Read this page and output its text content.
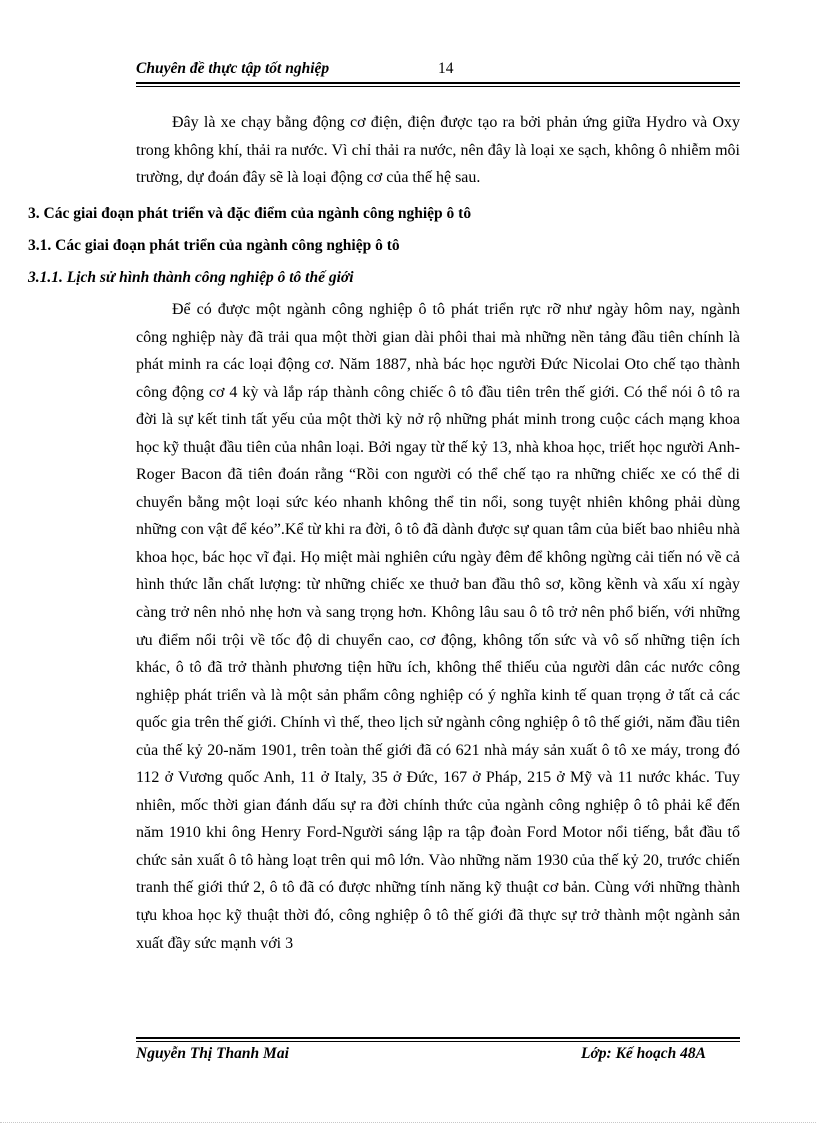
Chuyên đề thực tập tốt nghiệp	14

Đây là xe chạy bằng động cơ điện, điện được tạo ra bởi phản ứng giữa Hydro và Oxy trong không khí, thải ra nước. Vì chỉ thải ra nước, nên đây là loại xe sạch, không ô nhiễm môi trường, dự đoán đây sẽ là loại động cơ của thế hệ sau.

3. Các giai đoạn phát triển và đặc điểm của ngành công nghiệp ô tô
3.1. Các giai đoạn phát triển của ngành công nghiệp ô tô
3.1.1. Lịch sử hình thành công nghiệp ô tô thế giới

Để có được một ngành công nghiệp ô tô phát triển rực rỡ như ngày hôm nay, ngành công nghiệp này đã trải qua một thời gian dài phôi thai mà những nền tảng đầu tiên chính là phát minh ra các loại động cơ. Năm 1887, nhà bác học người Đức Nicolai Oto chế tạo thành công động cơ 4 kỳ và lắp ráp thành công chiếc ô tô đầu tiên trên thế giới. Có thể nói ô tô ra đời là sự kết tinh tất yếu của một thời kỳ nở rộ những phát minh trong cuộc cách mạng khoa học kỹ thuật đầu tiên của nhân loại. Bởi ngay từ thế kỷ 13, nhà khoa học, triết học người Anh-Roger Bacon đã tiên đoán rằng “Rồi con người có thể chế tạo ra những chiếc xe có thể di chuyển bằng một loại sức kéo nhanh không thể tin nổi, song tuyệt nhiên không phải dùng những con vật để kéo”.Kể từ khi ra đời, ô tô đã dành được sự quan tâm của biết bao nhiêu nhà khoa học, bác học vĩ đại. Họ miệt mài nghiên cứu ngày đêm để không ngừng cải tiến nó về cả hình thức lẫn chất lượng: từ những chiếc xe thuở ban đầu thô sơ, kồng kềnh và xấu xí ngày càng trở nên nhỏ nhẹ hơn và sang trọng hơn. Không lâu sau ô tô trở nên phổ biến, với những ưu điểm nổi trội về tốc độ di chuyển cao, cơ động, không tốn sức và vô số những tiện ích khác, ô tô đã trở thành phương tiện hữu ích, không thể thiếu của người dân các nước công nghiệp phát triển và là một sản phẩm công nghiệp có ý nghĩa kinh tế quan trọng ở tất cả các quốc gia trên thế giới. Chính vì thế, theo lịch sử ngành công nghiệp ô tô thế giới, năm đầu tiên của thế kỷ 20-năm 1901, trên toàn thế giới đã có 621 nhà máy sản xuất ô tô xe máy, trong đó 112 ở Vương quốc Anh, 11 ở Italy, 35 ở Đức, 167 ở Pháp, 215 ở Mỹ và 11 nước khác. Tuy nhiên, mốc thời gian đánh dấu sự ra đời chính thức của ngành công nghiệp ô tô phải kể đến năm 1910 khi ông Henry Ford-Người sáng lập ra tập đoàn Ford Motor nổi tiếng, bắt đầu tổ chức sản xuất ô tô hàng loạt trên qui mô lớn. Vào những năm 1930 của thế kỷ 20, trước chiến tranh thế giới thứ 2, ô tô đã có được những tính năng kỹ thuật cơ bản. Cùng với những thành tựu khoa học kỹ thuật thời đó, công nghiệp ô tô thế giới đã thực sự trở thành một ngành sản xuất đầy sức mạnh với 3

Nguyễn Thị Thanh Mai	Lớp: Kế hoạch 48A
